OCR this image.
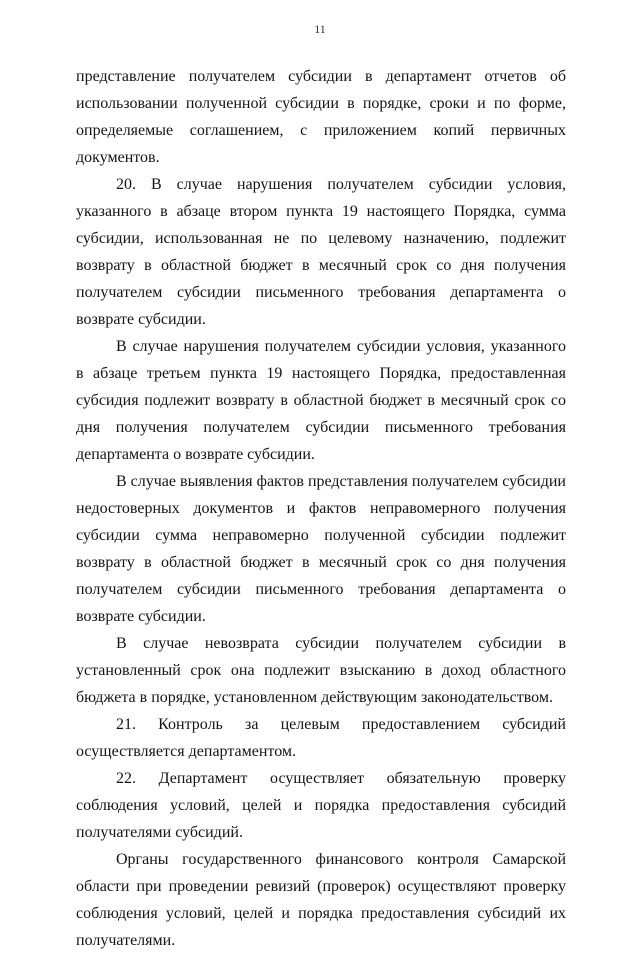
11

представление получателем субсидии в департамент отчетов об использовании полученной субсидии в порядке, сроки и по форме, определяемые соглашением, с приложением копий первичных документов.

20. В случае нарушения получателем субсидии условия, указанного в абзаце втором пункта 19 настоящего Порядка, сумма субсидии, использованная не по целевому назначению, подлежит возврату в областной бюджет в месячный срок со дня получения получателем субсидии письменного требования департамента о возврате субсидии.

В случае нарушения получателем субсидии условия, указанного в абзаце третьем пункта 19 настоящего Порядка, предоставленная субсидия подлежит возврату в областной бюджет в месячный срок со дня получения получателем субсидии письменного требования департамента о возврате субсидии.

В случае выявления фактов представления получателем субсидии недостоверных документов и фактов неправомерного получения субсидии сумма неправомерно полученной субсидии подлежит возврату в областной бюджет в месячный срок со дня получения получателем субсидии письменного требования департамента о возврате субсидии.

В случае невозврата субсидии получателем субсидии в установленный срок она подлежит взысканию в доход областного бюджета в порядке, установленном действующим законодательством.

21. Контроль за целевым предоставлением субсидий осуществляется департаментом.

22. Департамент осуществляет обязательную проверку соблюдения условий, целей и порядка предоставления субсидий получателями субсидий.

Органы государственного финансового контроля Самарской области при проведении ревизий (проверок) осуществляют проверку соблюдения условий, целей и порядка предоставления субсидий их получателями.
